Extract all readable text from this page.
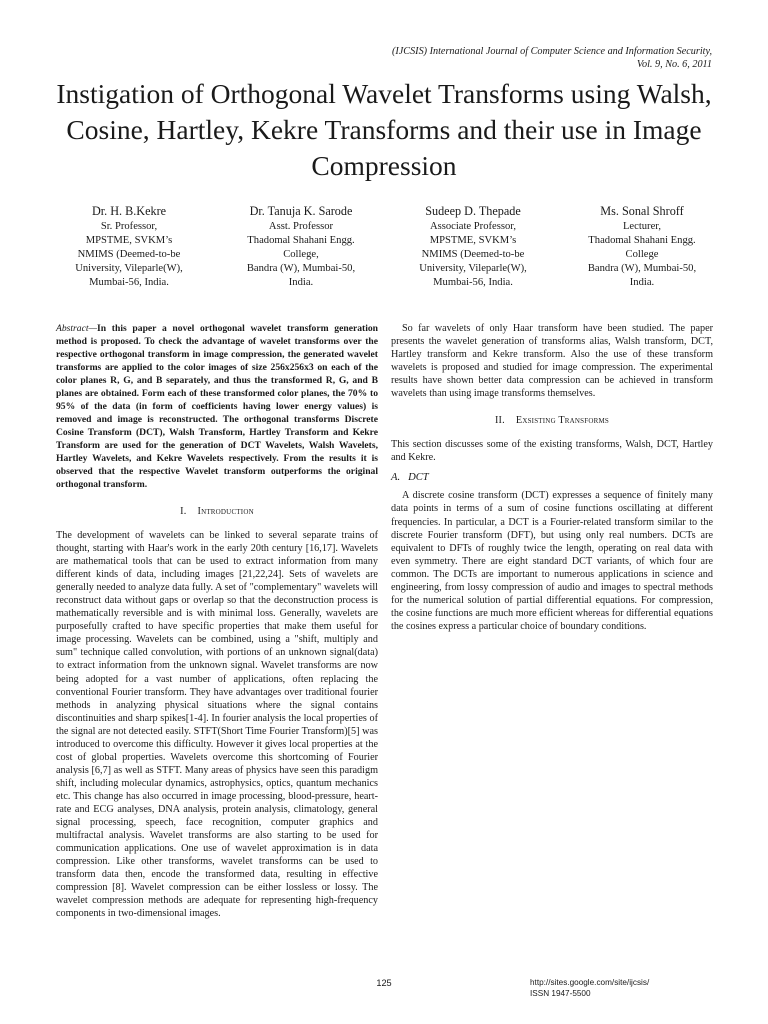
(IJCSIS) International Journal of Computer Science and Information Security,
Vol. 9, No. 6, 2011
Instigation of Orthogonal Wavelet Transforms using Walsh, Cosine, Hartley, Kekre Transforms and their use in Image Compression
Dr. H. B.Kekre
Sr. Professor,
MPSTME, SVKM’s
NMIMS (Deemed-to-be
University, Vileparle(W),
Mumbai-56, India.
Dr. Tanuja K. Sarode
Asst. Professor
Thadomal Shahani Engg.
College,
Bandra (W), Mumbai-50,
India.
Sudeep D. Thepade
Associate Professor,
MPSTME, SVKM’s
NMIMS (Deemed-to-be
University, Vileparle(W),
Mumbai-56, India.
Ms. Sonal Shroff
Lecturer,
Thadomal Shahani Engg.
College
Bandra (W), Mumbai-50,
India.

Abstract—In this paper a novel orthogonal wavelet transform generation method is proposed. To check the advantage of wavelet transforms over the respective orthogonal transform in image compression, the generated wavelet transforms are applied to the color images of size 256x256x3 on each of the color planes R, G, and B separately, and thus the transformed R, G, and B planes are obtained. Form each of these transformed color planes, the 70% to 95% of the data (in form of coefficients having lower energy values) is removed and image is reconstructed. The orthogonal transforms Discrete Cosine Transform (DCT), Walsh Transform, Hartley Transform and Kekre Transform are used for the generation of DCT Wavelets, Walsh Wavelets, Hartley Wavelets, and Kekre Wavelets respectively. From the results it is observed that the respective Wavelet transform outperforms the original orthogonal transform.

I. Introduction

The development of wavelets can be linked to several separate trains of thought, starting with Haar's work in the early 20th century [16,17]. Wavelets are mathematical tools that can be used to extract information from many different kinds of data, including images [21,22,24]. Sets of wavelets are generally needed to analyze data fully. A set of "complementary" wavelets will reconstruct data without gaps or overlap so that the deconstruction process is mathematically reversible and is with minimal loss. Generally, wavelets are purposefully crafted to have specific properties that make them useful for image processing. Wavelets can be combined, using a "shift, multiply and sum" technique called convolution, with portions of an unknown signal(data) to extract information from the unknown signal. Wavelet transforms are now being adopted for a vast number of applications, often replacing the conventional Fourier transform. They have advantages over traditional fourier methods in analyzing physical situations where the signal contains discontinuities and sharp spikes[1-4]. In fourier analysis the local properties of the signal are not detected easily. STFT(Short Time Fourier Transform)[5] was introduced to overcome this difficulty. However it gives local properties at the cost of global properties. Wavelets overcome this shortcoming of Fourier analysis [6,7] as well as STFT. Many areas of physics have seen this paradigm shift, including molecular dynamics, astrophysics, optics, quantum mechanics etc. This change has also occurred in image processing, blood-pressure, heart-rate and ECG analyses, DNA analysis, protein analysis, climatology, general signal processing, speech, face recognition, computer graphics and multifractal analysis. Wavelet transforms are also starting to be used for communication applications. One use of wavelet approximation is in data compression. Like other transforms, wavelet transforms can be used to transform data then, encode the transformed data, resulting in effective compression [8]. Wavelet compression can be either lossless or lossy. The wavelet compression methods are adequate for representing high-frequency components in two-dimensional images.

So far wavelets of only Haar transform have been studied. The paper presents the wavelet generation of transforms alias, Walsh transform, DCT, Hartley transform and Kekre transform. Also the use of these transform wavelets is proposed and studied for image compression. The experimental results have shown better data compression can be achieved in transform wavelets than using image transforms themselves.

II. Exsisting Transforms

This section discusses some of the existing transforms, Walsh, DCT, Hartley and Kekre.

A. DCT

A discrete cosine transform (DCT) expresses a sequence of finitely many data points in terms of a sum of cosine functions oscillating at different frequencies. In particular, a DCT is a Fourier-related transform similar to the discrete Fourier transform (DFT), but using only real numbers. DCTs are equivalent to DFTs of roughly twice the length, operating on real data with even symmetry. There are eight standard DCT variants, of which four are common. The DCTs are important to numerous applications in science and engineering, from lossy compression of audio and images to spectral methods for the numerical solution of partial differential equations. For compression, the cosine functions are much more efficient whereas for differential equations the cosines express a particular choice of boundary conditions.

125	http://sites.google.com/site/ijcsis/
ISSN 1947-5500
